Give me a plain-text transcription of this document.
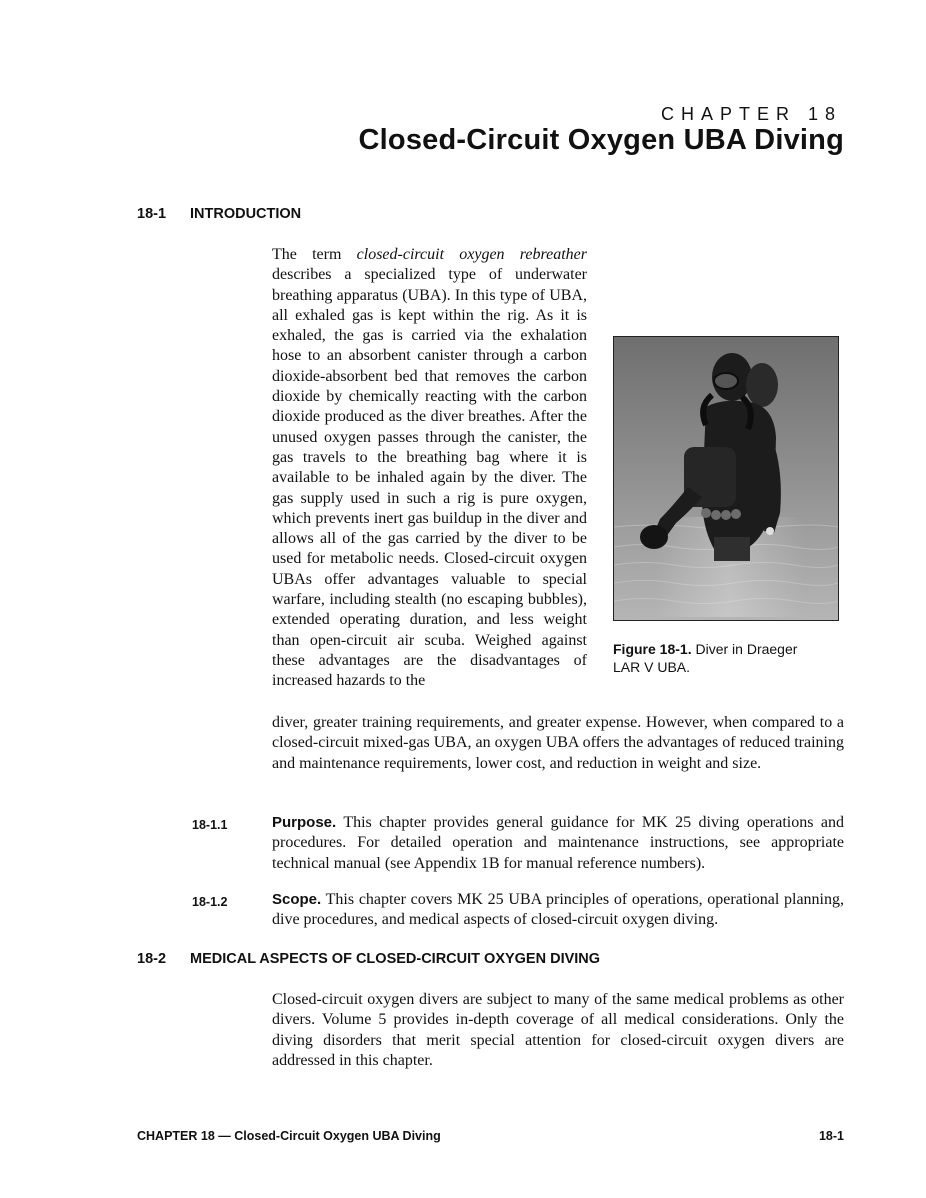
CHAPTER 18
Closed-Circuit Oxygen UBA Diving
18-1 INTRODUCTION
The term closed-circuit oxygen rebreather describes a specialized type of underwater breathing apparatus (UBA). In this type of UBA, all exhaled gas is kept within the rig. As it is exhaled, the gas is carried via the exhalation hose to an absorbent canister through a carbon dioxide-absorbent bed that removes the carbon dioxide by chemically reacting with the carbon dioxide produced as the diver breathes. After the unused oxygen passes through the canister, the gas travels to the breathing bag where it is available to be inhaled again by the diver. The gas supply used in such a rig is pure oxygen, which prevents inert gas buildup in the diver and allows all of the gas carried by the diver to be used for metabolic needs. Closed-circuit oxygen UBAs offer advantages valuable to special warfare, including stealth (no escaping bubbles), extended operating duration, and less weight than open-circuit air scuba. Weighed against these advantages are the disadvantages of increased hazards to the
diver, greater training requirements, and greater expense. However, when compared to a closed-circuit mixed-gas UBA, an oxygen UBA offers the advantages of reduced training and maintenance requirements, lower cost, and reduction in weight and size.
Figure 18-1. Diver in Draeger LAR V UBA.
18-1.1	Purpose. This chapter provides general guidance for MK 25 diving operations and procedures. For detailed operation and maintenance instructions, see appropriate technical manual (see Appendix 1B for manual reference numbers).
18-1.2	Scope. This chapter covers MK 25 UBA principles of operations, operational planning, dive procedures, and medical aspects of closed-circuit oxygen diving.
18-2 MEDICAL ASPECTS OF CLOSED-CIRCUIT OXYGEN DIVING
Closed-circuit oxygen divers are subject to many of the same medical problems as other divers. Volume 5 provides in-depth coverage of all medical considerations. Only the diving disorders that merit special attention for closed-circuit oxygen divers are addressed in this chapter.
CHAPTER 18 — Closed-Circuit Oxygen UBA Diving	18-1
